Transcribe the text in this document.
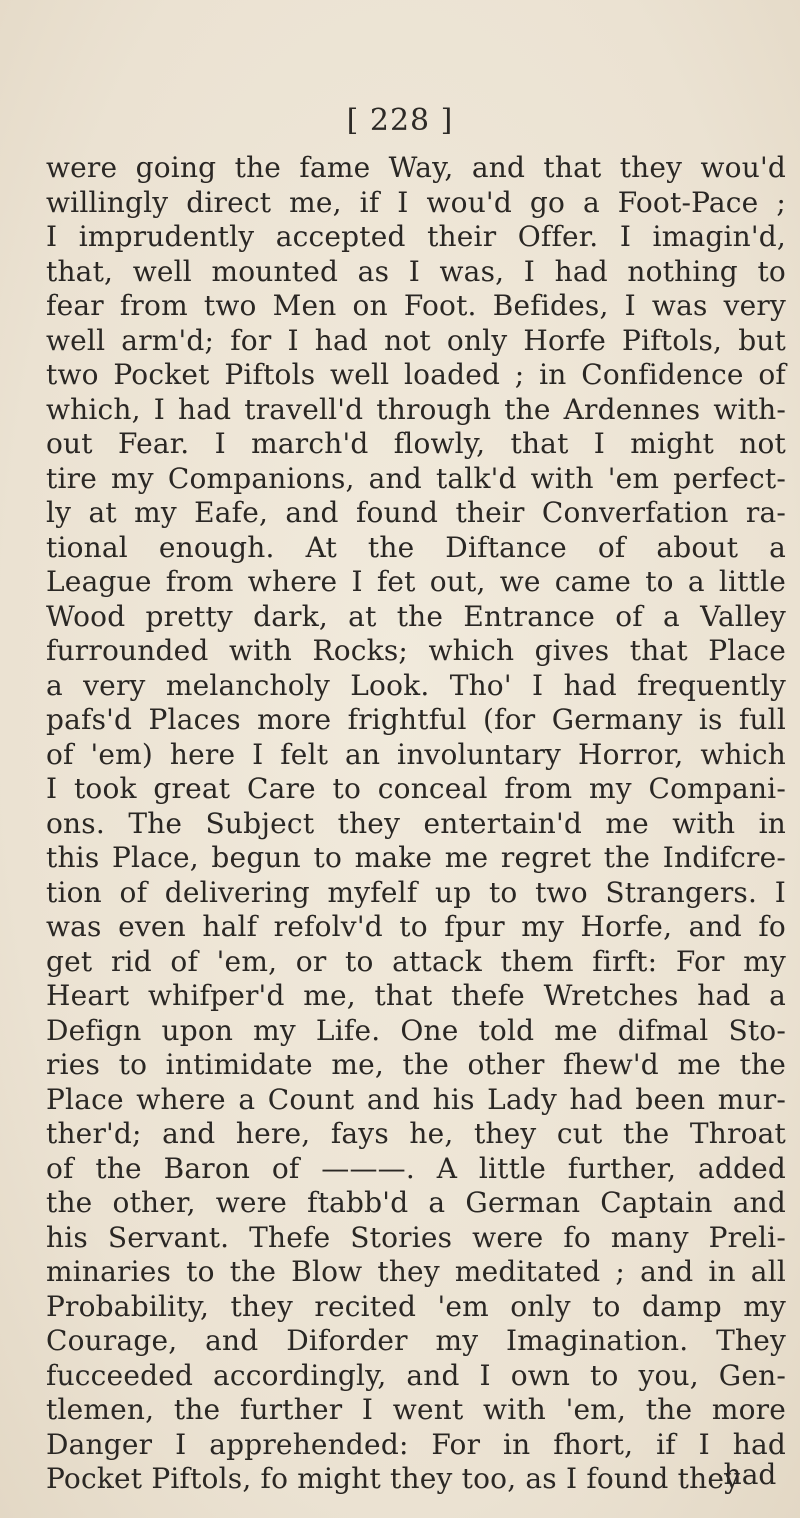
[ 228 ]
were going the fame Way, and that they wou'd
willingly direct me, if I wou'd go a Foot-Pace ;
I imprudently accepted their Offer. I imagin'd,
that, well mounted as I was, I had nothing to
fear from two Men on Foot. Befides, I was very
well arm'd; for I had not only Horfe Piftols, but
two Pocket Piftols well loaded ; in Confidence of
which, I had travell'd through the Ardennes with-
out Fear. I march'd flowly, that I might not
tire my Companions, and talk'd with 'em perfect-
ly at my Eafe, and found their Converfation ra-
tional enough. At the Diftance of about a
League from where I fet out, we came to a little
Wood pretty dark, at the Entrance of a Valley
furrounded with Rocks; which gives that Place
a very melancholy Look. Tho' I had frequently
pafs'd Places more frightful (for Germany is full
of 'em) here I felt an involuntary Horror, which
I took great Care to conceal from my Compani-
ons. The Subject they entertain'd me with in
this Place, begun to make me regret the Indifcre-
tion of delivering myfelf up to two Strangers. I
was even half refolv'd to fpur my Horfe, and fo
get rid of 'em, or to attack them firft: For my
Heart whifper'd me, that thefe Wretches had a
Defign upon my Life. One told me difmal Sto-
ries to intimidate me, the other fhew'd me the
Place where a Count and his Lady had been mur-
ther'd; and here, fays he, they cut the Throat
of the Baron of ———. A little further, added
the other, were ftabb'd a German Captain and
his Servant. Thefe Stories were fo many Preli-
minaries to the Blow they meditated ; and in all
Probability, they recited 'em only to damp my
Courage, and Diforder my Imagination. They
fucceeded accordingly, and I own to you, Gen-
tlemen, the further I went with 'em, the more
Danger I apprehended: For in fhort, if I had
Pocket Piftols, fo might they too, as I found they
had
